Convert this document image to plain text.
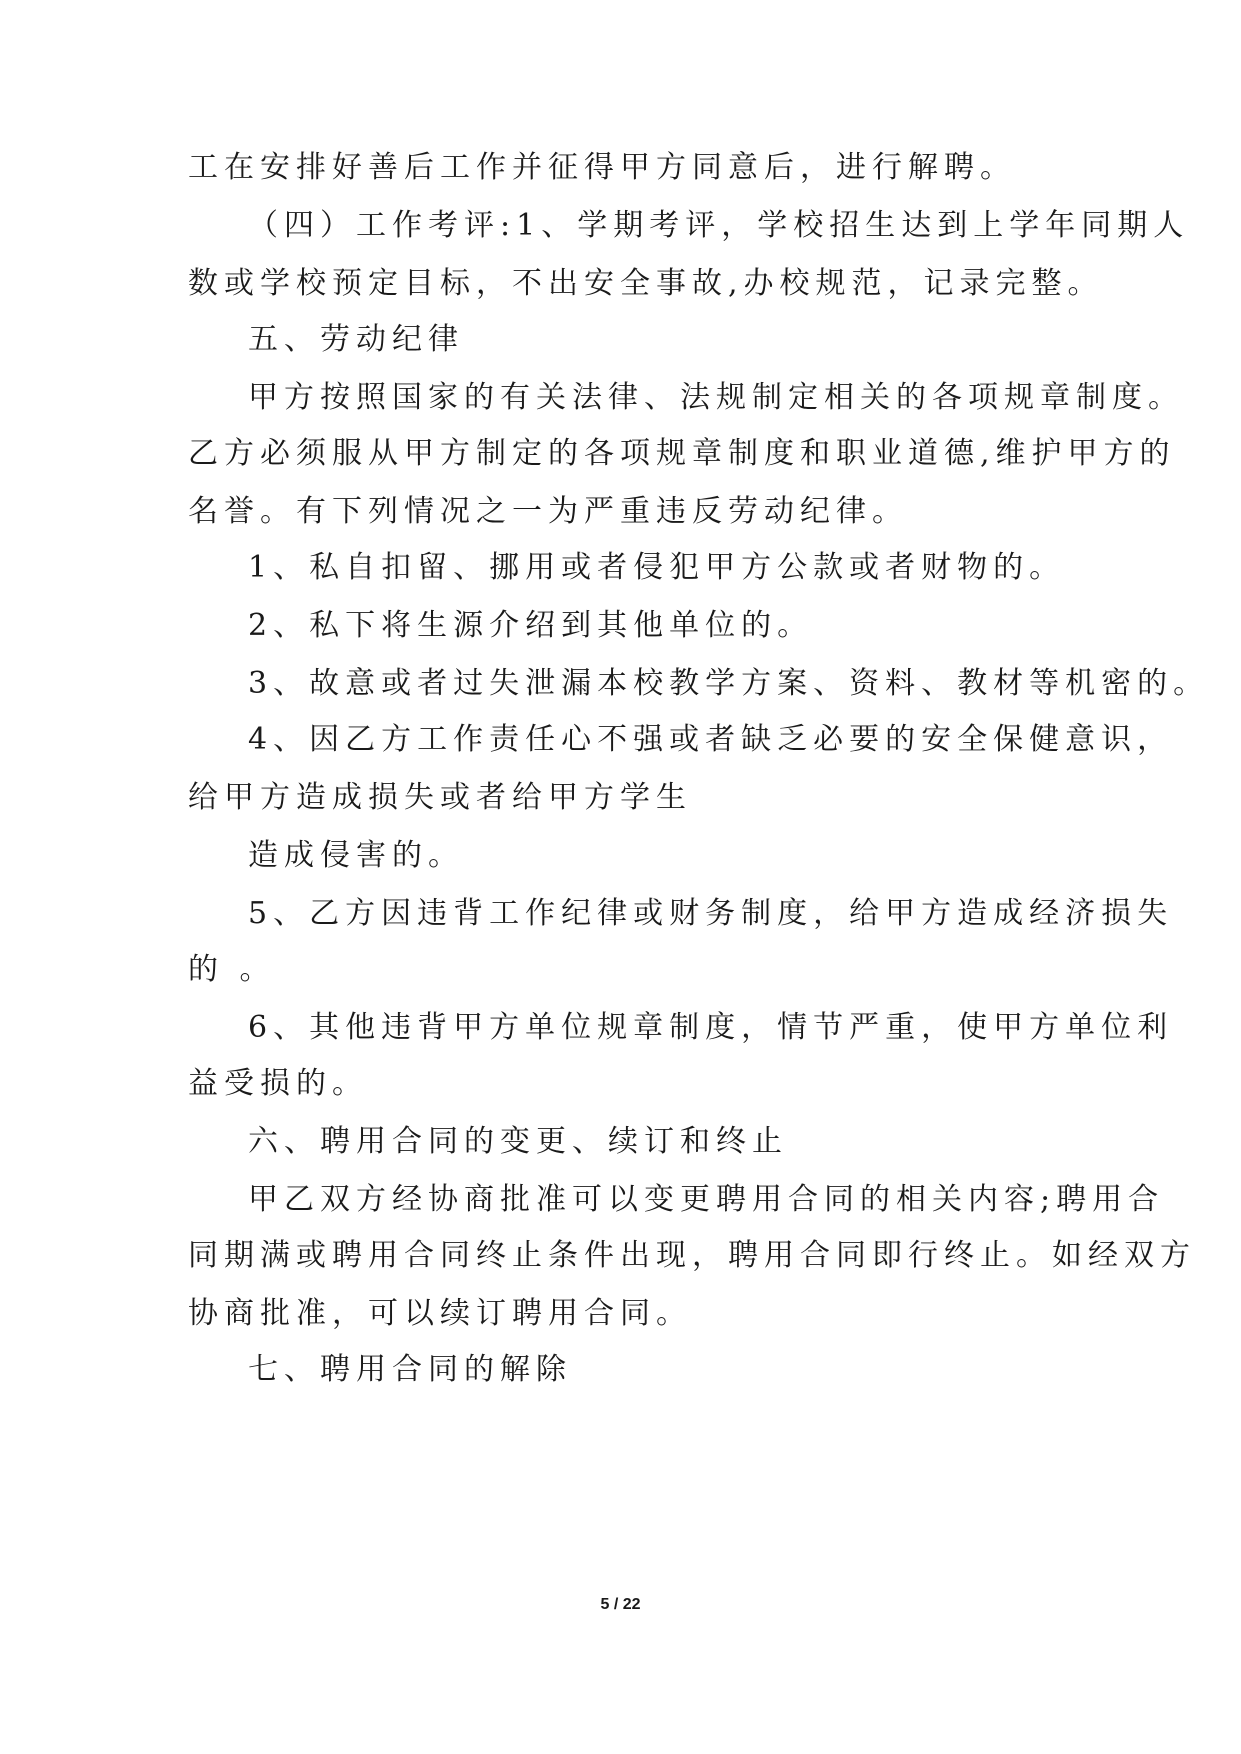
工在安排好善后工作并征得甲方同意后，进行解聘。
（四）工作考评:1、学期考评，学校招生达到上学年同期人
数或学校预定目标，不出安全事故,办校规范，记录完整。
五、劳动纪律
甲方按照国家的有关法律、法规制定相关的各项规章制度。
乙方必须服从甲方制定的各项规章制度和职业道德,维护甲方的
名誉。有下列情况之一为严重违反劳动纪律。
1、私自扣留、挪用或者侵犯甲方公款或者财物的。
2、私下将生源介绍到其他单位的。
3、故意或者过失泄漏本校教学方案、资料、教材等机密的。
4、因乙方工作责任心不强或者缺乏必要的安全保健意识，
给甲方造成损失或者给甲方学生
造成侵害的。
5、乙方因违背工作纪律或财务制度，给甲方造成经济损失
的 。
6、其他违背甲方单位规章制度，情节严重，使甲方单位利
益受损的。
六、聘用合同的变更、续订和终止
甲乙双方经协商批准可以变更聘用合同的相关内容;聘用合
同期满或聘用合同终止条件出现，聘用合同即行终止。如经双方
协商批准，可以续订聘用合同。
七、聘用合同的解除
5 / 22
